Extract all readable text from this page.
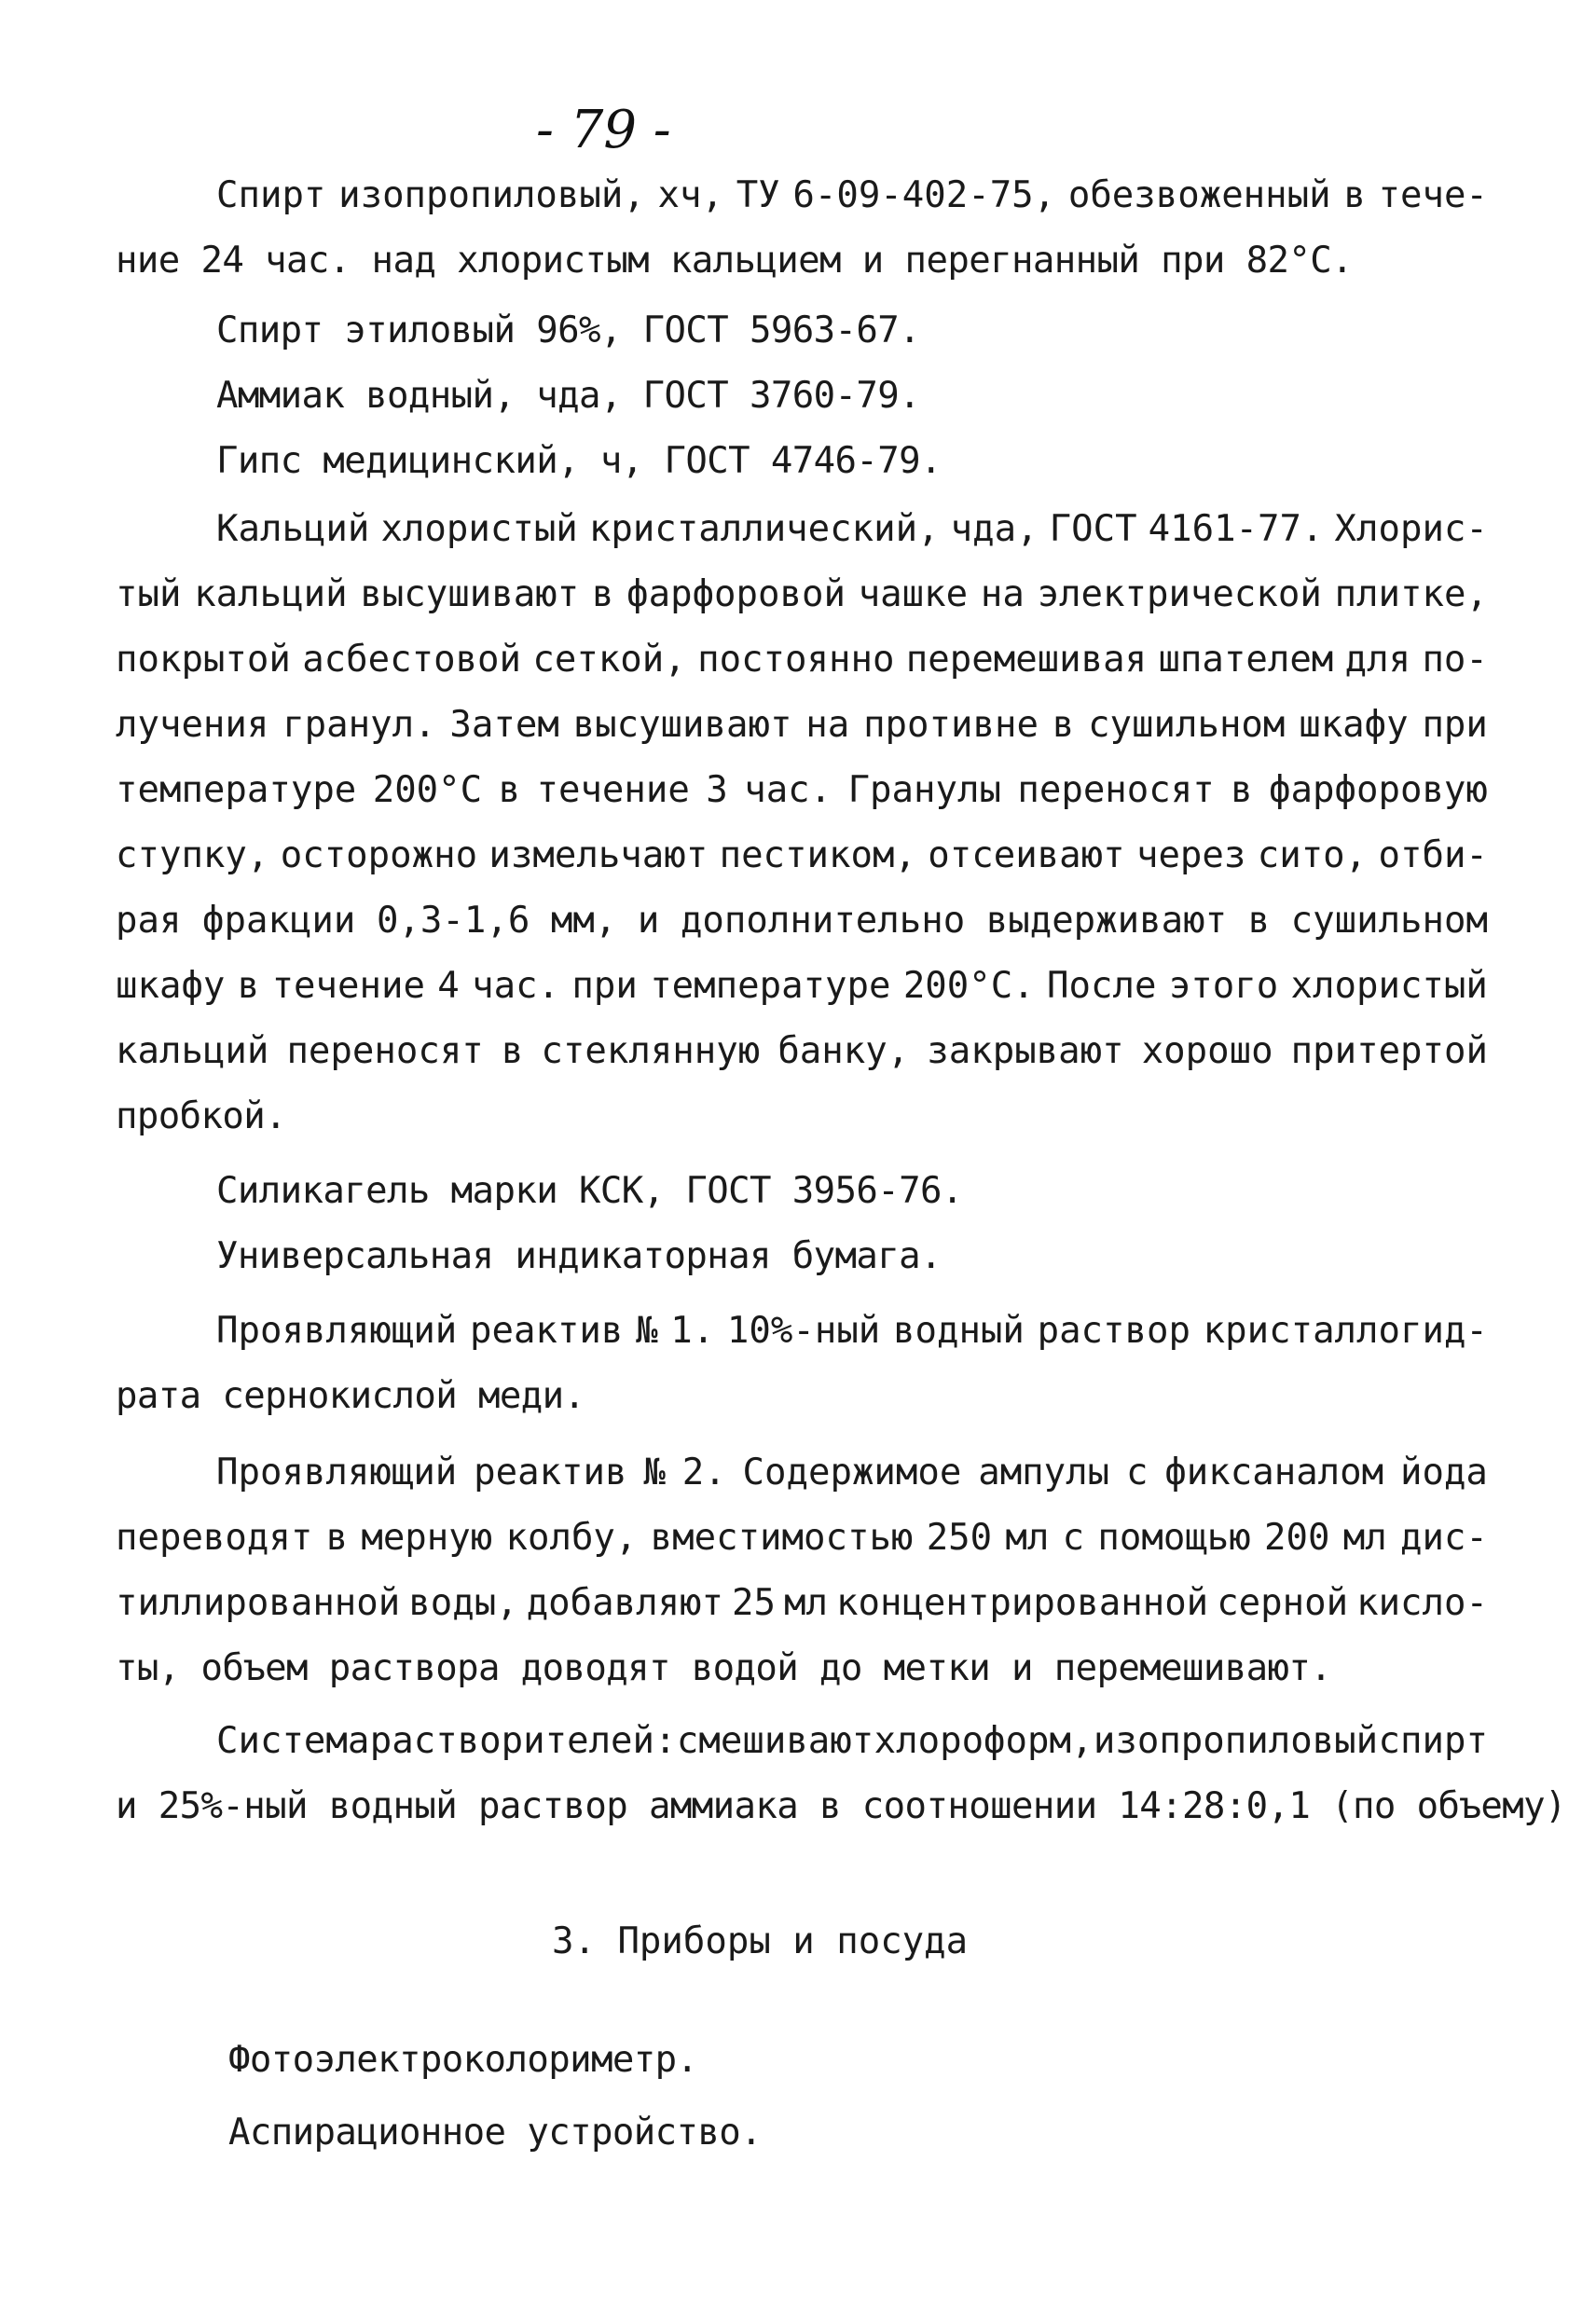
- 79 -
Спирт изопропиловый, хч, ТУ 6-09-402-75, обезвоженный в тече-
ние 24 час. над хлористым кальцием и перегнанный при 82°С.
Спирт этиловый 96%, ГОСТ 5963-67.
Аммиак водный, чда, ГОСТ 3760-79.
Гипс медицинский, ч, ГОСТ 4746-79.
Кальций хлористый кристаллический, чда, ГОСТ 4161-77. Хлорис-
тый кальций высушивают в фарфоровой чашке на электрической плитке,
покрытой асбестовой сеткой, постоянно перемешивая шпателем для по-
лучения гранул. Затем высушивают на противне в сушильном шкафу при
температуре 200°С в течение 3 час. Гранулы переносят в фарфоровую
ступку, осторожно измельчают пестиком, отсеивают через сито, отби-
рая фракции 0,3-1,6 мм, и дополнительно выдерживают в сушильном
шкафу в течение 4 час. при температуре 200°С. После этого хлористый
кальций переносят в стеклянную банку, закрывают хорошо притертой
пробкой.
Силикагель марки КСК, ГОСТ 3956-76.
Универсальная индикаторная бумага.
Проявляющий реактив № 1. 10%-ный водный раствор кристаллогид-
рата сернокислой меди.
Проявляющий реактив № 2. Содержимое ампулы с фиксаналом йода
переводят в мерную колбу, вместимостью 250 мл с помощью 200 мл дис-
тиллированной воды, добавляют 25 мл концентрированной серной кисло-
ты, объем раствора доводят водой до метки и перемешивают.
Система растворителей: смешивают хлороформ, изопропиловый спирт
и 25%-ный водный раствор аммиака в соотношении 14:28:0,1 (по объему)
3. Приборы и посуда
Фотоэлектроколориметр.
Аспирационное устройство.
